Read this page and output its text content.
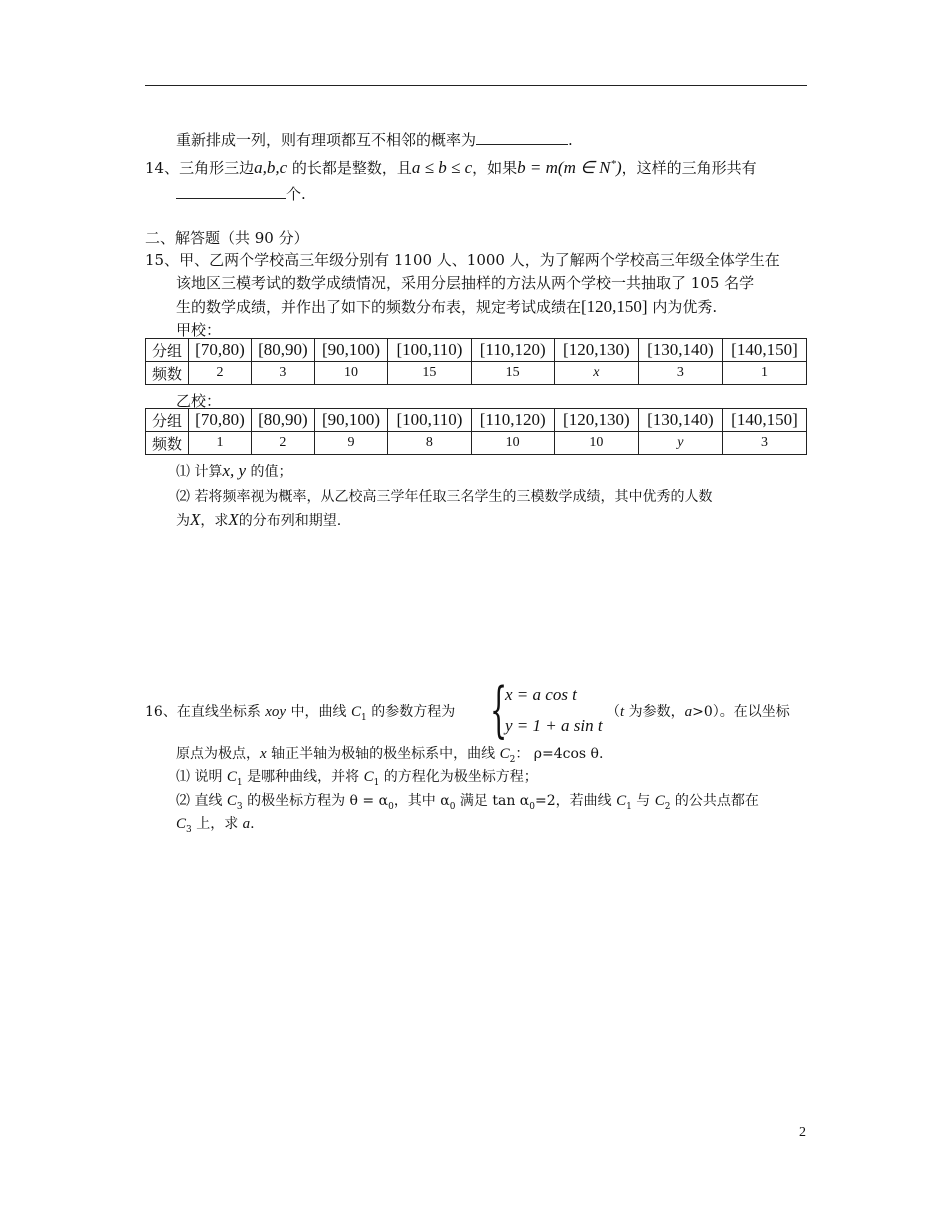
重新排成一列，则有理项都互不相邻的概率为	.
14、三角形三边a,b,c 的长都是整数，且a ≤ b ≤ c，如果b = m(m ∈ N*)，这样的三角形共有
个.
二、解答题（共 90 分）
15、甲、乙两个学校高三年级分别有 1100 人、1000 人，为了解两个学校高三年级全体学生在
该地区三模考试的数学成绩情况，采用分层抽样的方法从两个学校一共抽取了 105 名学
生的数学成绩，并作出了如下的频数分布表，规定考试成绩在[120,150] 内为优秀.
甲校：
分组	[70,80)	[80,90)	[90,100)	[100,110)	[110,120)	[120,130)	[130,140)	[140,150]
频数	2	3	10	15	15	x	3	1
乙校：
分组	[70,80)	[80,90)	[90,100)	[100,110)	[110,120)	[120,130)	[130,140)	[140,150]
频数	1	2	9	8	10	10	y	3
⑴ 计算x, y 的值；
⑵ 若将频率视为概率，从乙校高三学年任取三名学生的三模数学成绩，其中优秀的人数
为X，求X的分布列和期望.
16、在直线坐标系 xoy 中，曲线 $C_1$ 的参数方程为 {
x = a cos t
y = 1 + a sin t
（t 为参数，a>0）。在以坐标
原点为极点，x 轴正半轴为极轴的极坐标系中，曲线 $C_2$： ρ=4cos θ.
⑴ 说明 $C_1$ 是哪种曲线，并将 $C_1$ 的方程化为极坐标方程；
⑵ 直线 $C_3$ 的极坐标方程为 $\theta = \alpha_0$，其中 $\alpha_0$ 满足 $\tan \alpha_0=2$，若曲线 $C_1$ 与 $C_2$ 的公共点都在
$C_3$ 上，求 a.
2
